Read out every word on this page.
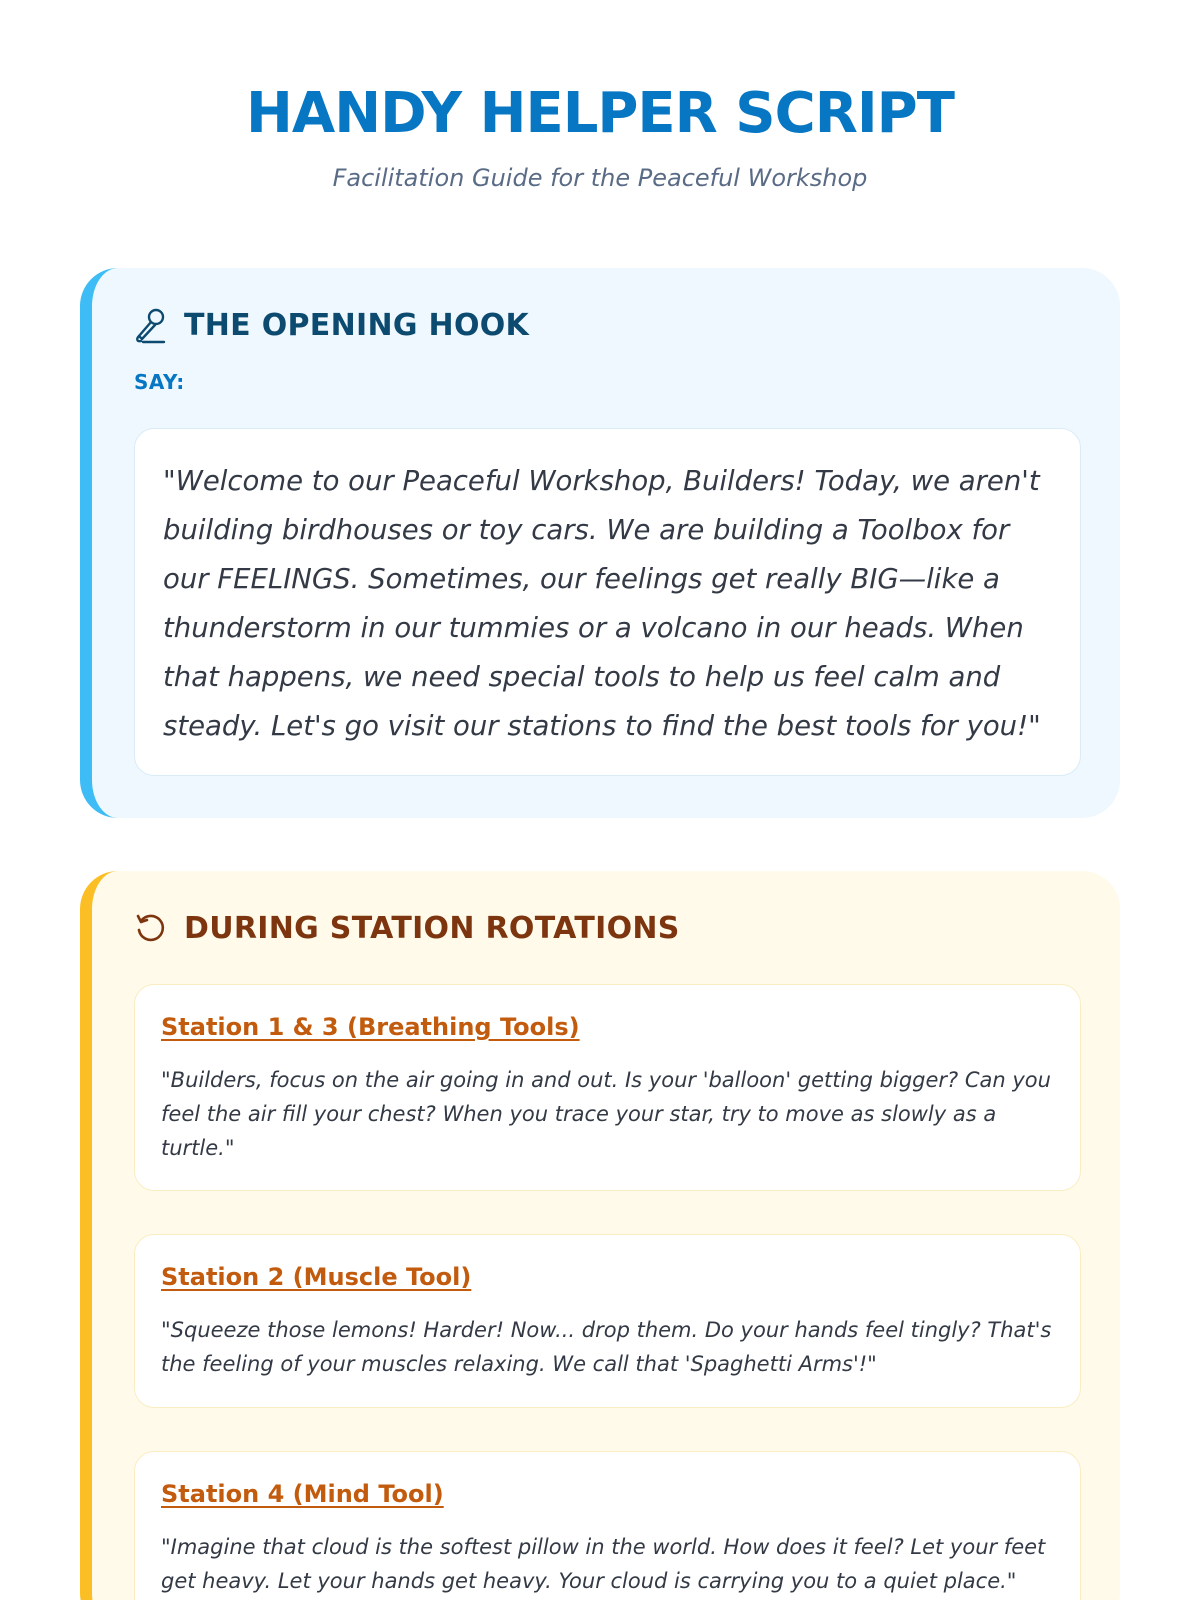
HANDY HELPER SCRIPT
Facilitation Guide for the Peaceful Workshop
THE OPENING HOOK
SAY:

"Welcome to our Peaceful Workshop, Builders! Today, we aren't building birdhouses or toy cars. We are building a Toolbox for our FEELINGS. Sometimes, our feelings get really BIG—like a thunderstorm in our tummies or a volcano in our heads. When that happens, we need special tools to help us feel calm and steady. Let's go visit our stations to find the best tools for you!"

DURING STATION ROTATIONS

Station 1 & 3 (Breathing Tools)

"Builders, focus on the air going in and out. Is your 'balloon' getting bigger? Can you feel the air fill your chest? When you trace your star, try to move as slowly as a turtle."

Station 2 (Muscle Tool)

"Squeeze those lemons! Harder! Now... drop them. Do your hands feel tingly? That's the feeling of your muscles relaxing. We call that 'Spaghetti Arms'!"

Station 4 (Mind Tool)

"Imagine that cloud is the softest pillow in the world. How does it feel? Let your feet get heavy. Let your hands get heavy. Your cloud is carrying you to a quiet place."
